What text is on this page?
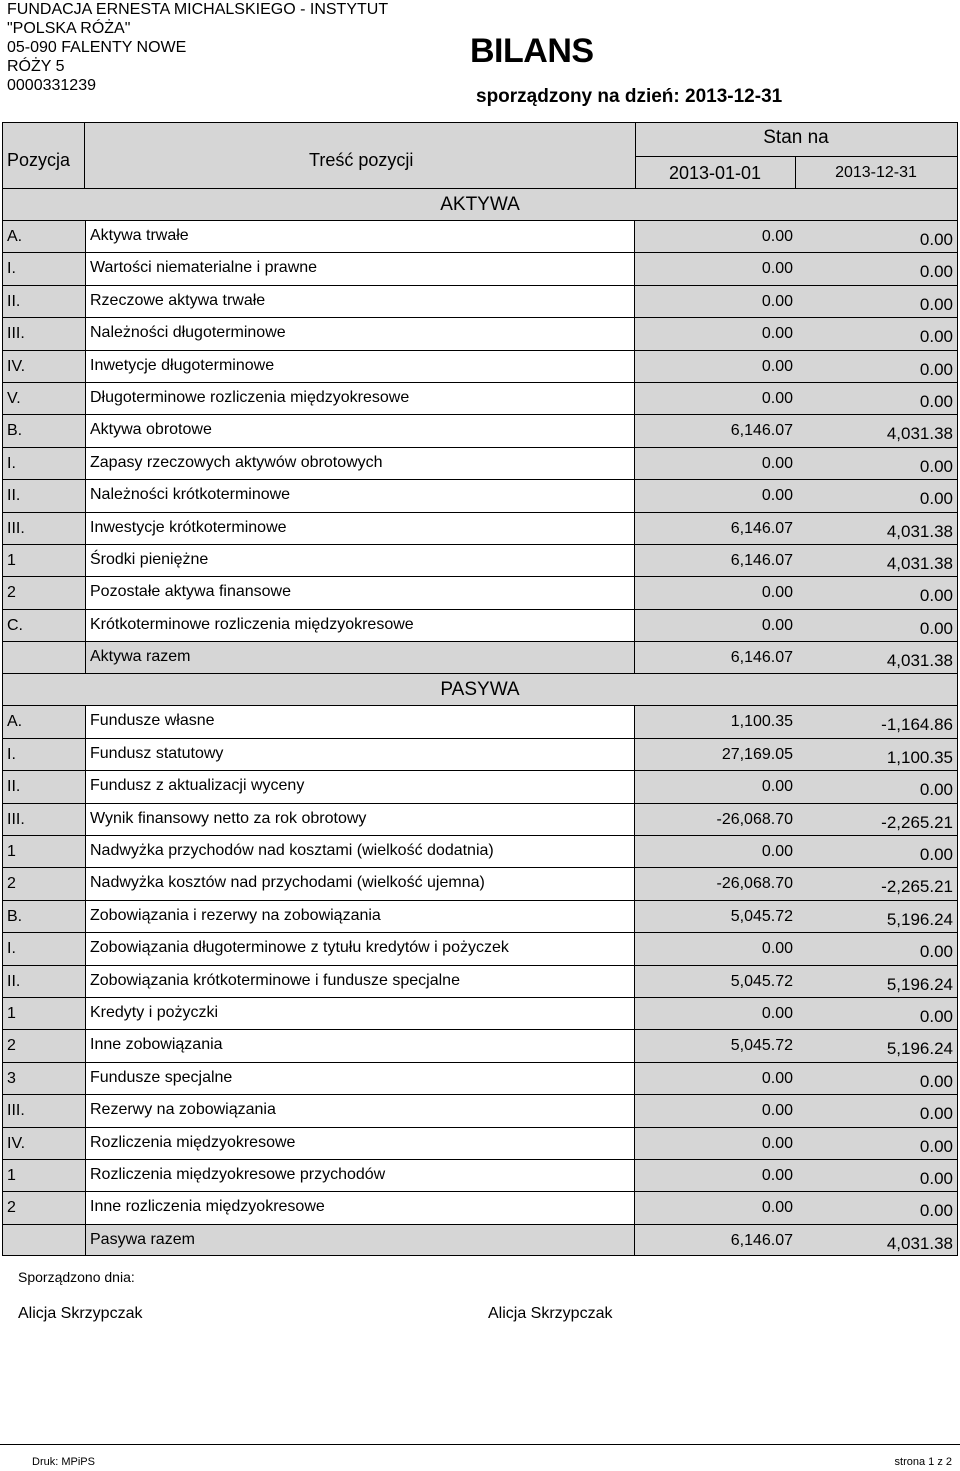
FUNDACJA ERNESTA MICHALSKIEGO - INSTYTUT
"POLSKA RÓŻA"
05-090 FALENTY NOWE
RÓŻY 5
0000331239
BILANS
sporządzony na dzień: 2013-12-31
Pozycja	Treść pozycji
Stan na
2013-01-01	2013-12-31
AKTYWA
A.	Aktywa trwałe	0.00	0.00
I.	Wartości niematerialne i prawne	0.00	0.00
II.	Rzeczowe aktywa trwałe	0.00	0.00
III.	Należności długoterminowe	0.00	0.00
IV.	Inwetycje długoterminowe	0.00	0.00
V.	Długoterminowe rozliczenia międzyokresowe	0.00	0.00
B.	Aktywa obrotowe	6,146.07	4,031.38
I.	Zapasy rzeczowych aktywów obrotowych	0.00	0.00
II.	Należności krótkoterminowe	0.00	0.00
III.	Inwestycje krótkoterminowe	6,146.07	4,031.38
1	Środki pieniężne	6,146.07	4,031.38
2	Pozostałe aktywa finansowe	0.00	0.00
C.	Krótkoterminowe rozliczenia międzyokresowe	0.00	0.00
Aktywa razem	6,146.07	4,031.38
PASYWA
A.	Fundusze własne	1,100.35	-1,164.86
I.	Fundusz statutowy	27,169.05	1,100.35
II.	Fundusz z aktualizacji wyceny	0.00	0.00
III.	Wynik finansowy netto za rok obrotowy	-26,068.70	-2,265.21
1	Nadwyżka przychodów nad kosztami (wielkość dodatnia)	0.00	0.00
2	Nadwyżka kosztów nad przychodami (wielkość ujemna)	-26,068.70	-2,265.21
B.	Zobowiązania i rezerwy na zobowiązania	5,045.72	5,196.24
I.	Zobowiązania długoterminowe z tytułu kredytów i pożyczek	0.00	0.00
II.	Zobowiązania krótkoterminowe i fundusze specjalne	5,045.72	5,196.24
1	Kredyty i pożyczki	0.00	0.00
2	Inne zobowiązania	5,045.72	5,196.24
3	Fundusze specjalne	0.00	0.00
III.	Rezerwy na zobowiązania	0.00	0.00
IV.	Rozliczenia międzyokresowe	0.00	0.00
1	Rozliczenia międzyokresowe przychodów	0.00	0.00
2	Inne rozliczenia międzyokresowe	0.00	0.00
Pasywa razem	6,146.07	4,031.38
Sporządzono dnia:
Alicja Skrzypczak	Alicja Skrzypczak
Druk: MPiPS	strona 1 z 2
